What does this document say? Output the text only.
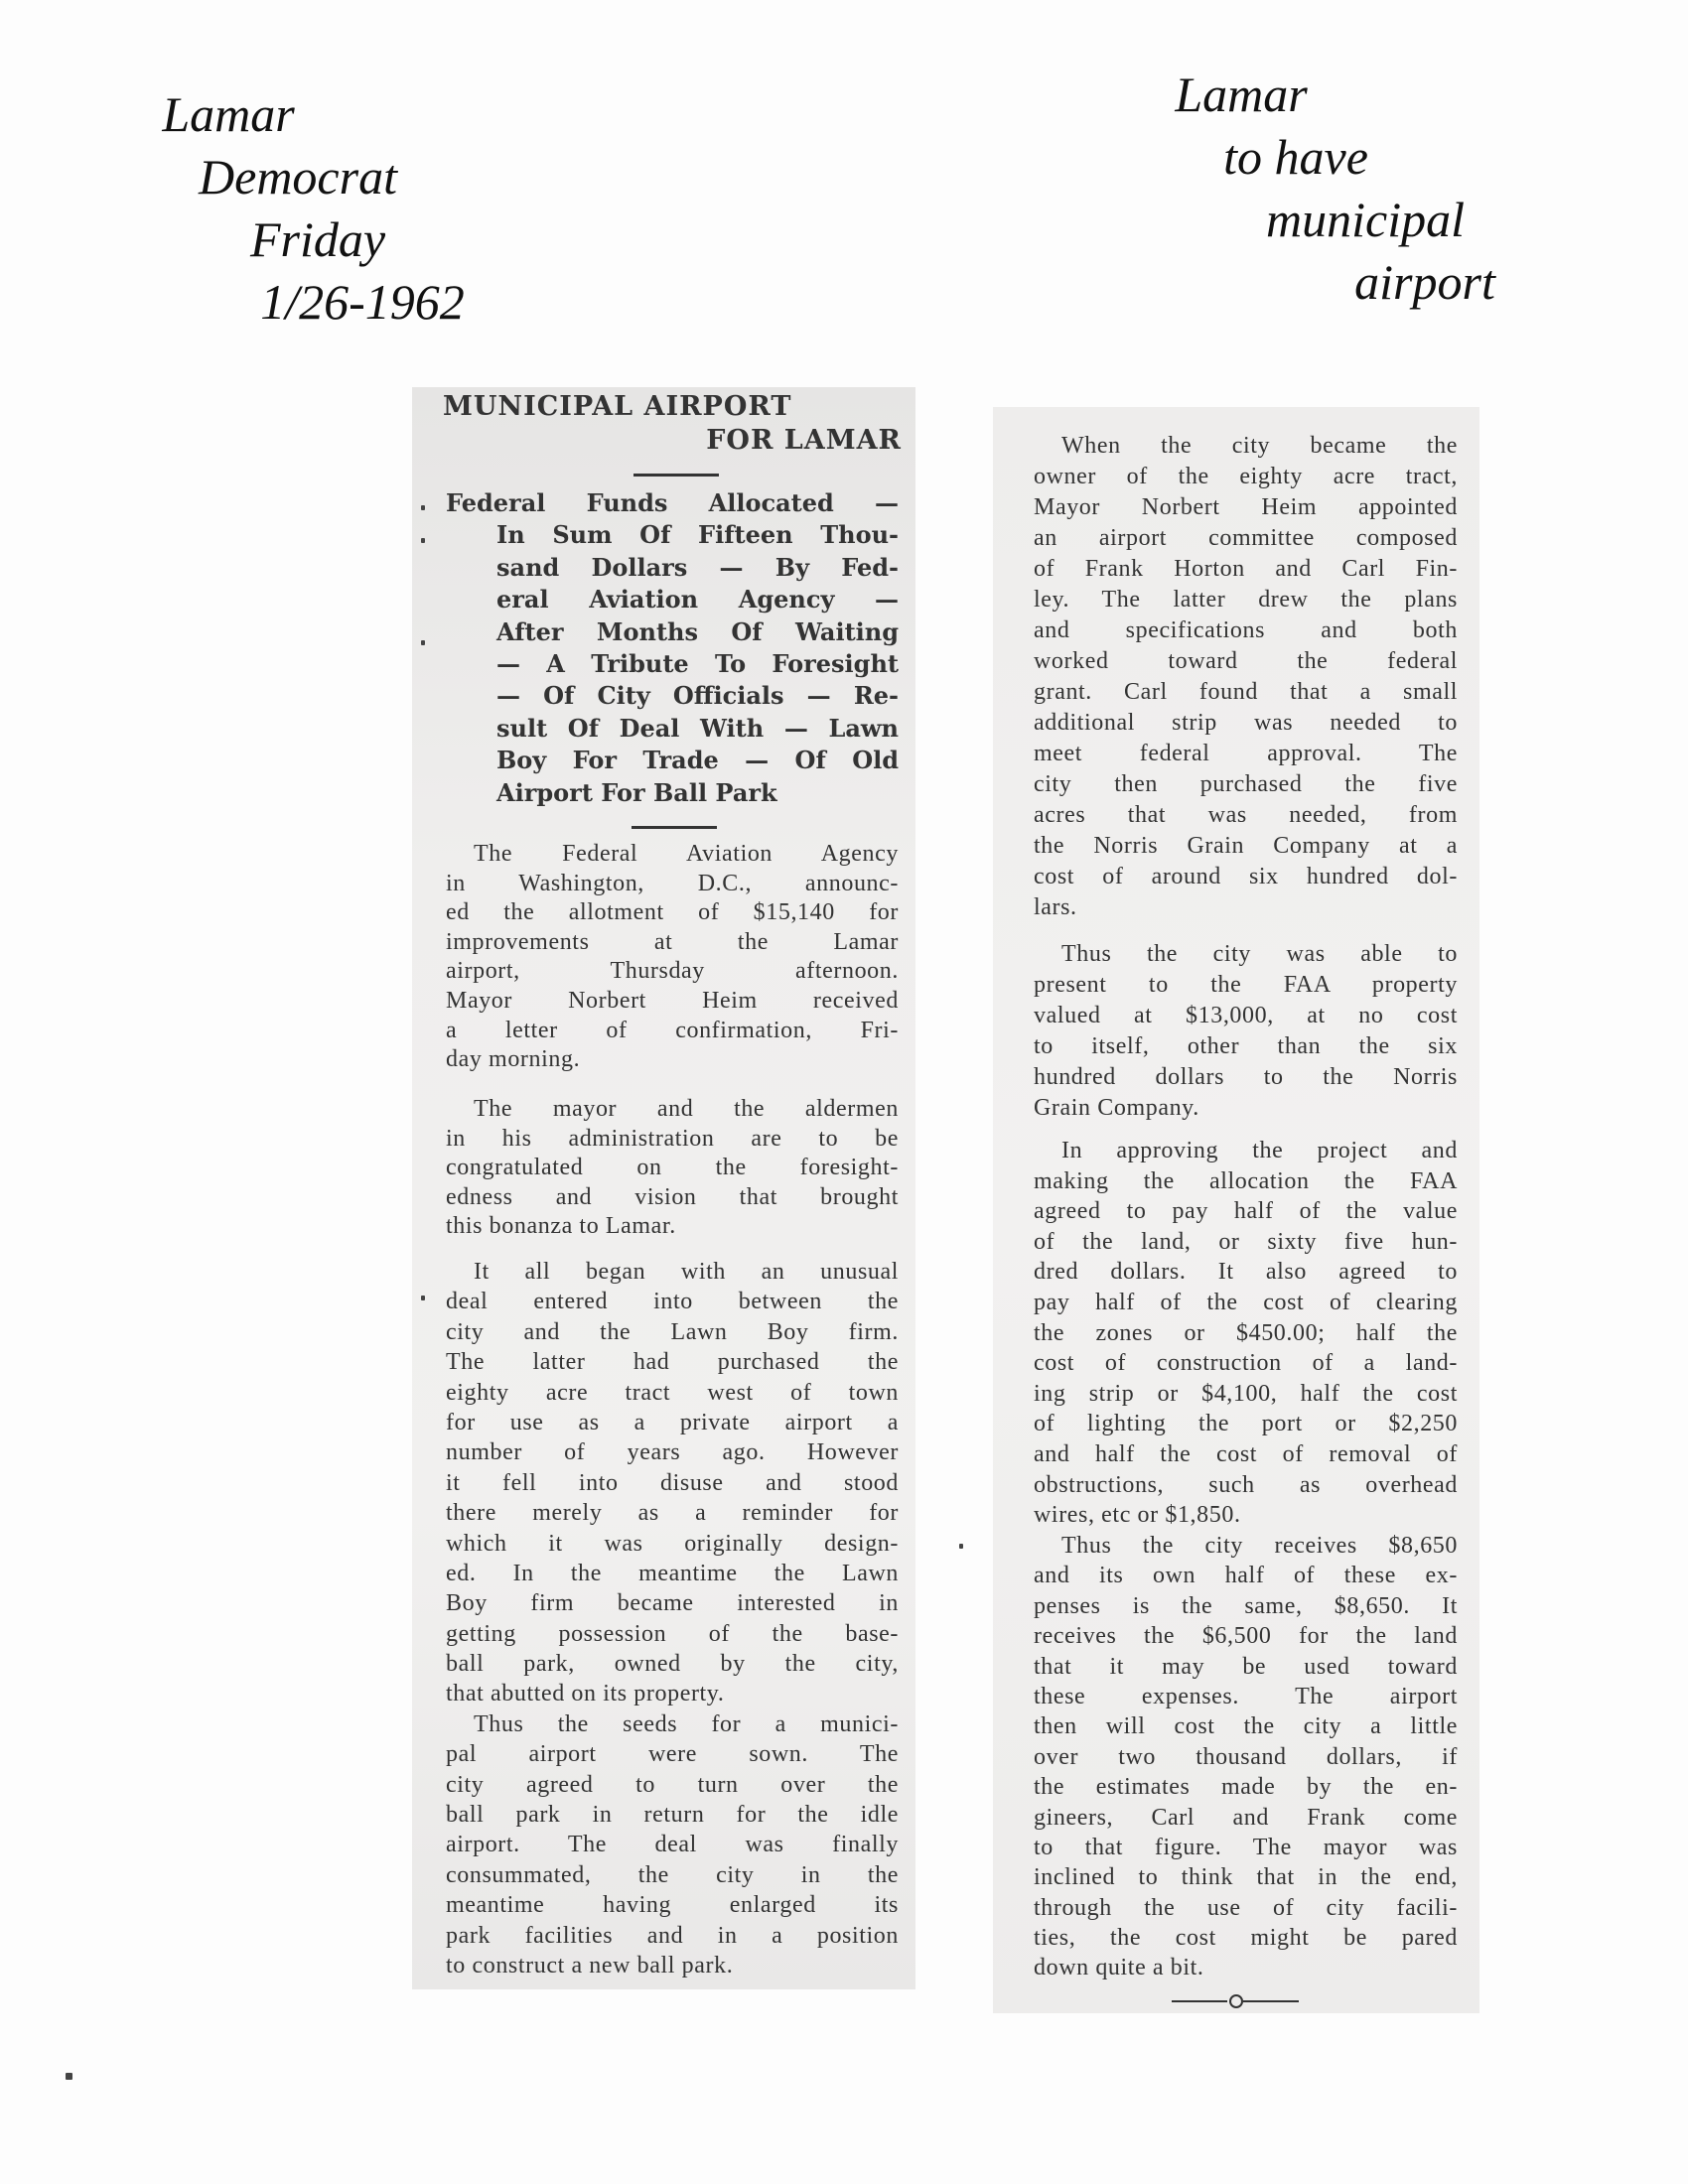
Lamar
Democrat
Friday
1/26-1962
Lamar
to have
municipal
airport
MUNICIPAL AIRPORT
FOR LAMAR
Federal Funds Allocated —
In Sum Of Fifteen Thou-
sand Dollars — By Fed-
eral Aviation Agency —
After Months Of Waiting
— A Tribute To Foresight
— Of City Officials — Re-
sult Of Deal With — Lawn
Boy For Trade — Of Old
Airport For Ball Park
The Federal Aviation Agency
in Washington, D.C., announc-
ed the allotment of $15,140 for
improvements at the Lamar
airport, Thursday afternoon.
Mayor Norbert Heim received
a letter of confirmation, Fri-
day morning.
The mayor and the aldermen
in his administration are to be
congratulated on the foresight-
edness and vision that brought
this bonanza to Lamar.
It all began with an unusual
deal entered into between the
city and the Lawn Boy firm.
The latter had purchased the
eighty acre tract west of town
for use as a private airport a
number of years ago. However
it fell into disuse and stood
there merely as a reminder for
which it was originally design-
ed. In the meantime the Lawn
Boy firm became interested in
getting possession of the base-
ball park, owned by the city,
that abutted on its property.
Thus the seeds for a munici-
pal airport were sown. The
city agreed to turn over the
ball park in return for the idle
airport. The deal was finally
consummated, the city in the
meantime having enlarged its
park facilities and in a position
to construct a new ball park.
When the city became the
owner of the eighty acre tract,
Mayor Norbert Heim appointed
an airport committee composed
of Frank Horton and Carl Fin-
ley. The latter drew the plans
and specifications and both
worked toward the federal
grant. Carl found that a small
additional strip was needed to
meet federal approval. The
city then purchased the five
acres that was needed, from
the Norris Grain Company at a
cost of around six hundred dol-
lars.
Thus the city was able to
present to the FAA property
valued at $13,000, at no cost
to itself, other than the six
hundred dollars to the Norris
Grain Company.
In approving the project and
making the allocation the FAA
agreed to pay half of the value
of the land, or sixty five hun-
dred dollars. It also agreed to
pay half of the cost of clearing
the zones or $450.00; half the
cost of construction of a land-
ing strip or $4,100, half the cost
of lighting the port or $2,250
and half the cost of removal of
obstructions, such as overhead
wires, etc or $1,850.
Thus the city receives $8,650
and its own half of these ex-
penses is the same, $8,650. It
receives the $6,500 for the land
that it may be used toward
these expenses. The airport
then will cost the city a little
over two thousand dollars, if
the estimates made by the en-
gineers, Carl and Frank come
to that figure. The mayor was
inclined to think that in the end,
through the use of city facili-
ties, the cost might be pared
down quite a bit.
